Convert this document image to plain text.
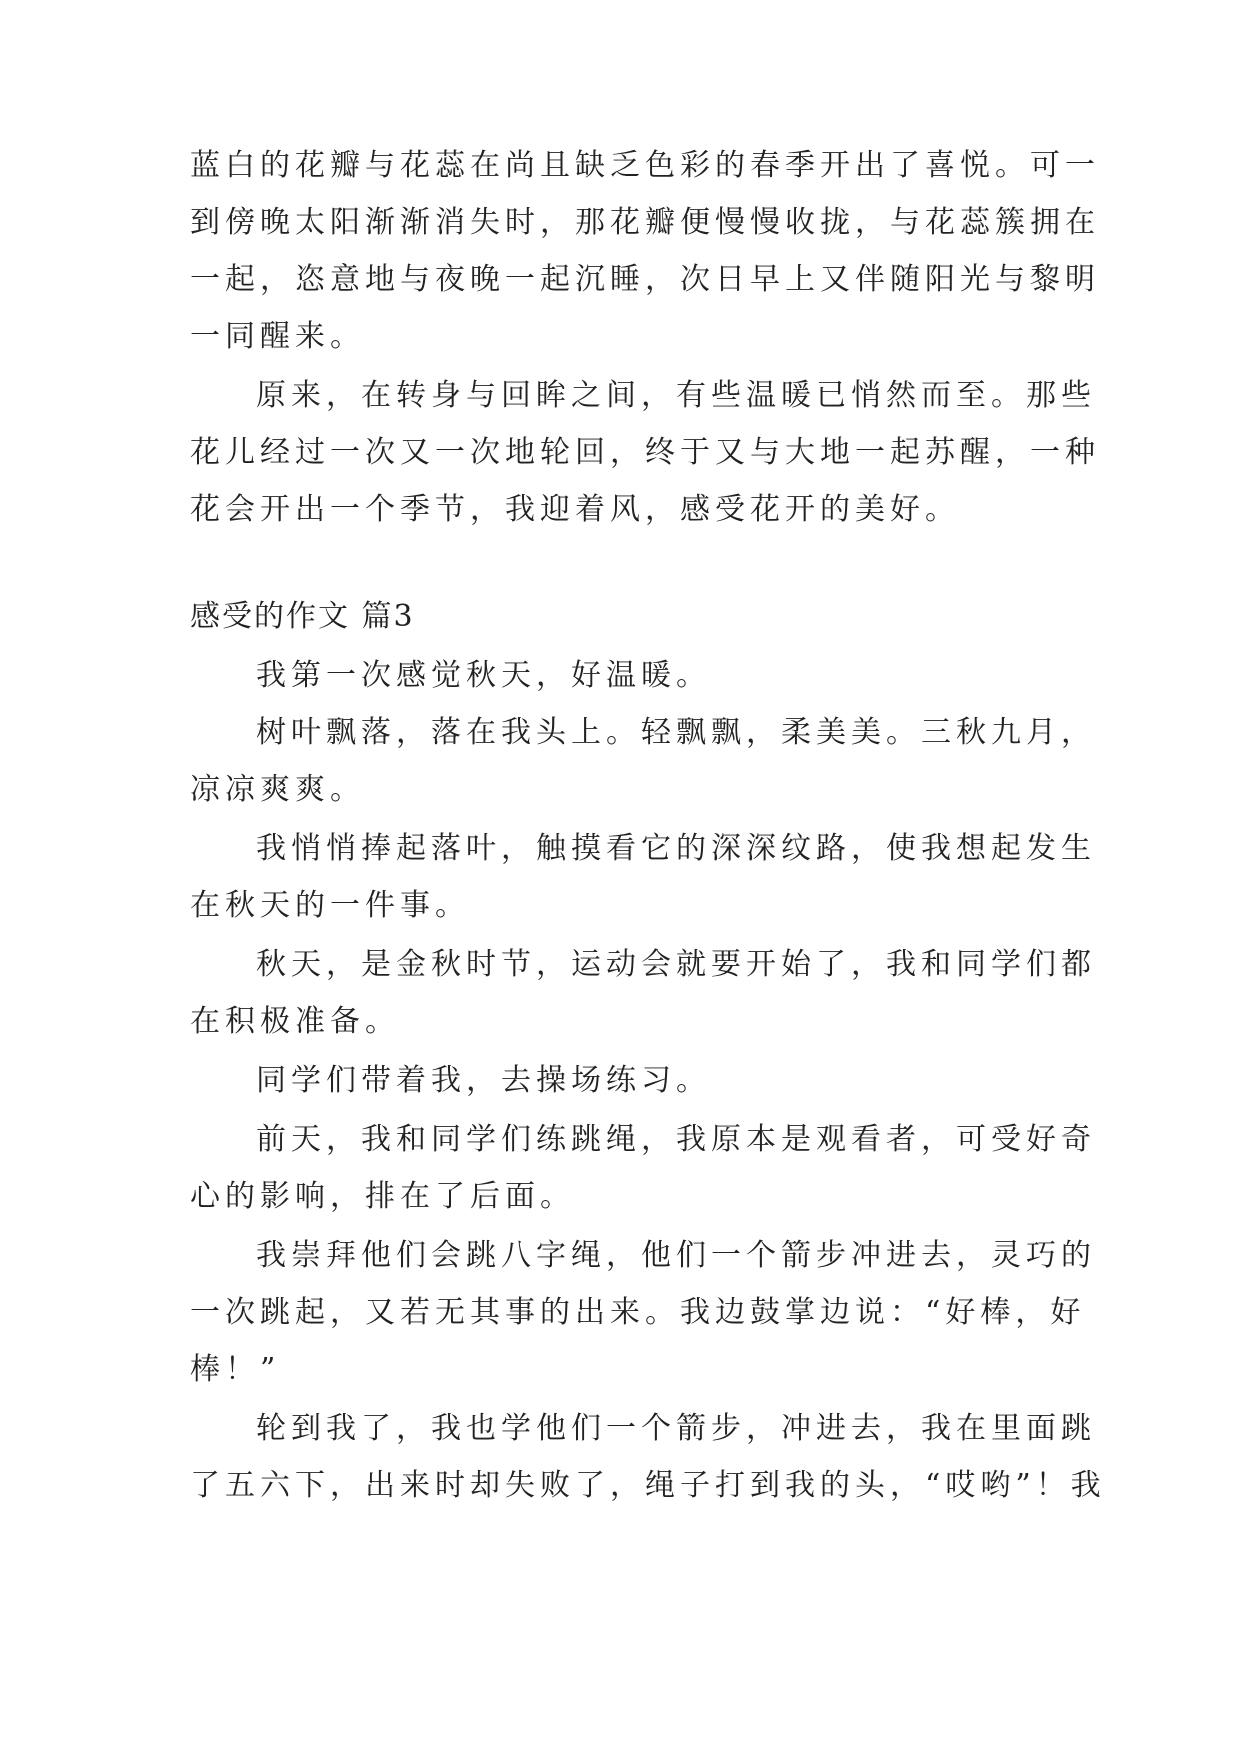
蓝白的花瓣与花蕊在尚且缺乏色彩的春季开出了喜悦。可一
到傍晚太阳渐渐消失时，那花瓣便慢慢收拢，与花蕊簇拥在
一起，恣意地与夜晚一起沉睡，次日早上又伴随阳光与黎明
一同醒来。
原来，在转身与回眸之间，有些温暖已悄然而至。那些
花儿经过一次又一次地轮回，终于又与大地一起苏醒，一种
花会开出一个季节，我迎着风，感受花开的美好。
感受的作文 篇3
我第一次感觉秋天，好温暖。
树叶飘落，落在我头上。轻飘飘，柔美美。三秋九月，
凉凉爽爽。
我悄悄捧起落叶，触摸看它的深深纹路，使我想起发生
在秋天的一件事。
秋天，是金秋时节，运动会就要开始了，我和同学们都
在积极准备。
同学们带着我，去操场练习。
前天，我和同学们练跳绳，我原本是观看者，可受好奇
心的影响，排在了后面。
我崇拜他们会跳八字绳，他们一个箭步冲进去，灵巧的
一次跳起，又若无其事的出来。我边鼓掌边说：“好棒，好
棒！”
轮到我了，我也学他们一个箭步，冲进去，我在里面跳
了五六下，出来时却失败了，绳子打到我的头，“哎哟”！我
